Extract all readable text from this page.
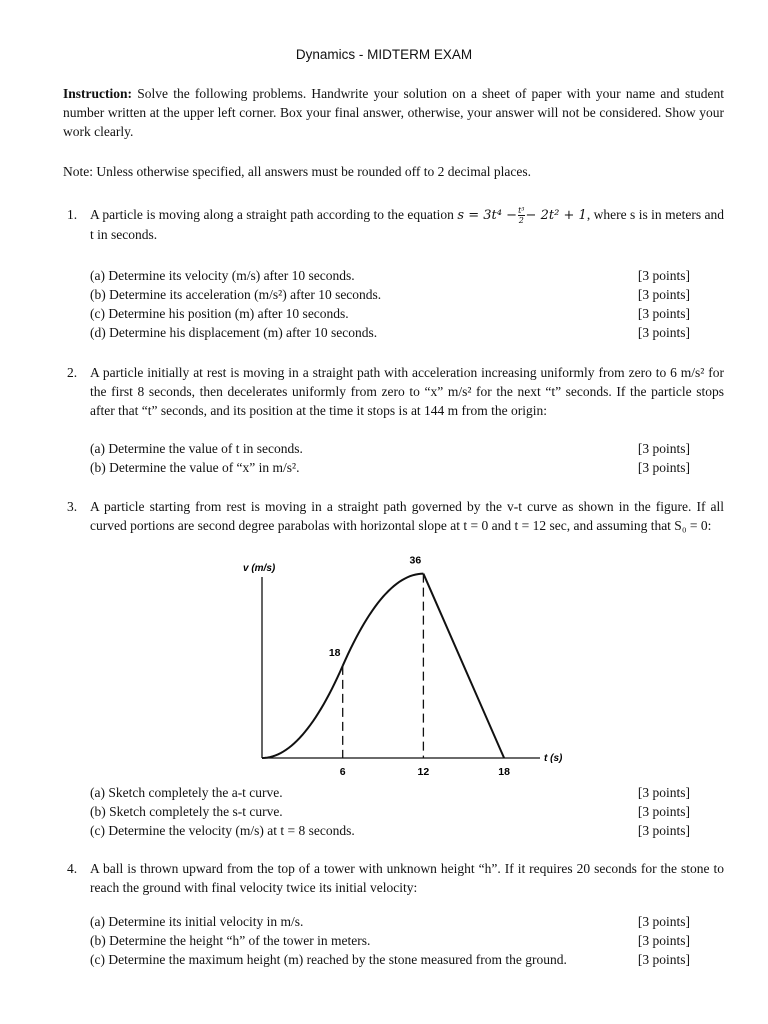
Dynamics - MIDTERM EXAM
Instruction: Solve the following problems. Handwrite your solution on a sheet of paper with your name and student number written at the upper left corner. Box your final answer, otherwise, your answer will not be considered. Show your work clearly.
Note: Unless otherwise specified, all answers must be rounded off to 2 decimal places.
1. A particle is moving along a straight path according to the equation $s = 3t^4 - \frac{\text{t³}}{2} - 2t^2 + 1$, where s is in meters and t in seconds.
(a) Determine its velocity (m/s) after 10 seconds.	[3 points]
(b) Determine its acceleration (m/s²) after 10 seconds.	[3 points]
(c) Determine his position (m) after 10 seconds.	[3 points]
(d) Determine his displacement (m) after 10 seconds.	[3 points]
2. A particle initially at rest is moving in a straight path with acceleration increasing uniformly from zero to 6 m/s² for the first 8 seconds, then decelerates uniformly from zero to “x” m/s² for the next “t” seconds. If the particle stops after that “t” seconds, and its position at the time it stops is at 144 m from the origin:
(a) Determine the value of t in seconds.	[3 points]
(b) Determine the value of “x” in m/s².	[3 points]
3. A particle starting from rest is moving in a straight path governed by the v-t curve as shown in the figure. If all curved portions are second degree parabolas with horizontal slope at t = 0 and t = 12 sec, and assuming that S₀ = 0:
v (m/s)
t (s)
6	12	18
18
36
(a) Sketch completely the a-t curve.	[3 points]
(b) Sketch completely the s-t curve.	[3 points]
(c) Determine the velocity (m/s) at t = 8 seconds.	[3 points]
4. A ball is thrown upward from the top of a tower with unknown height “h”. If it requires 20 seconds for the stone to reach the ground with final velocity twice its initial velocity:
(a) Determine its initial velocity in m/s.	[3 points]
(b) Determine the height “h” of the tower in meters.	[3 points]
(c) Determine the maximum height (m) reached by the stone measured from the ground.	[3 points]
